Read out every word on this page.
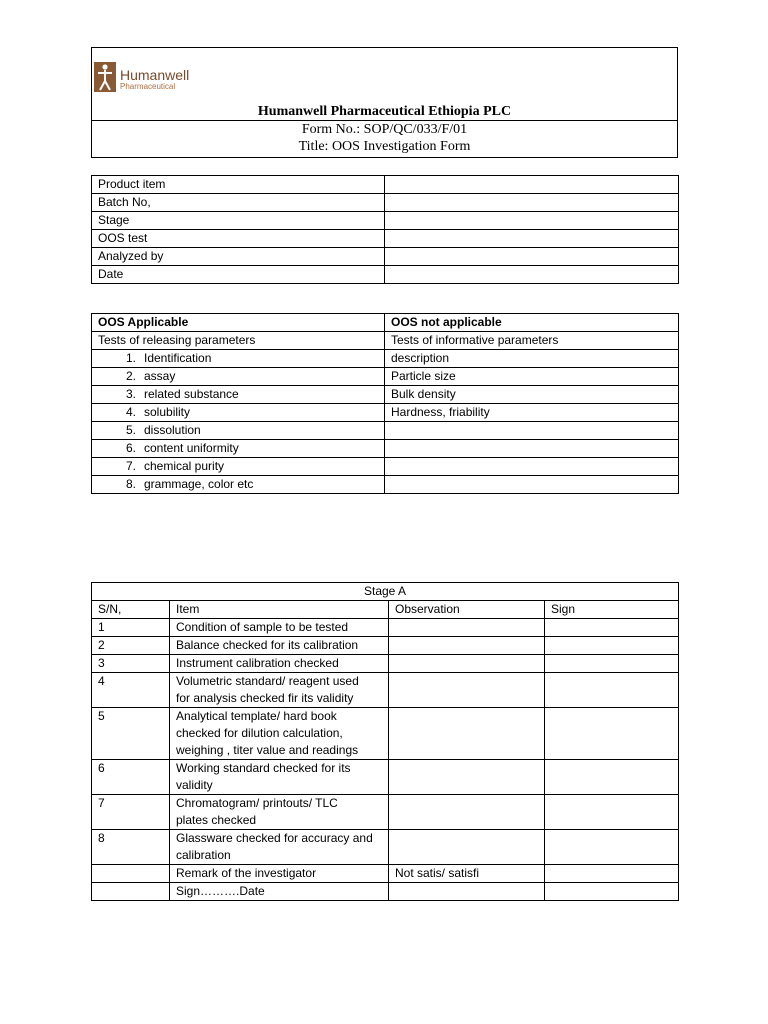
Humanwell
Pharmaceutical
Humanwell Pharmaceutical Ethiopia PLC
Form No.: SOP/QC/033/F/01
Title: OOS Investigation Form
Product item	
Batch No,	
Stage	
OOS test	
Analyzed by	
Date	
OOS Applicable	OOS not applicable
Tests of releasing parameters	Tests of informative parameters
1. Identification	description
2. assay	Particle size
3. related substance	Bulk density
4. solubility	Hardness, friability
5. dissolution	
6. content uniformity	
7. chemical purity	
8. grammage, color etc	
Stage A			
S/N,	Item	Observation	Sign
1	Condition of sample to be tested		

2	Balance checked for its calibration		

3	Instrument calibration checked		

4	Volumetric standard/ reagent used
for analysis checked fir its validity		

5	Analytical template/ hard book
checked for dilution calculation,
weighing , titer value and readings		

6	Working standard checked for its
validity		

7	Chromatogram/ printouts/ TLC
plates checked		

8	Glassware checked for accuracy and
calibration		

	Remark of the investigator	Not satis/ satisfi	

	Sign……….Date		
